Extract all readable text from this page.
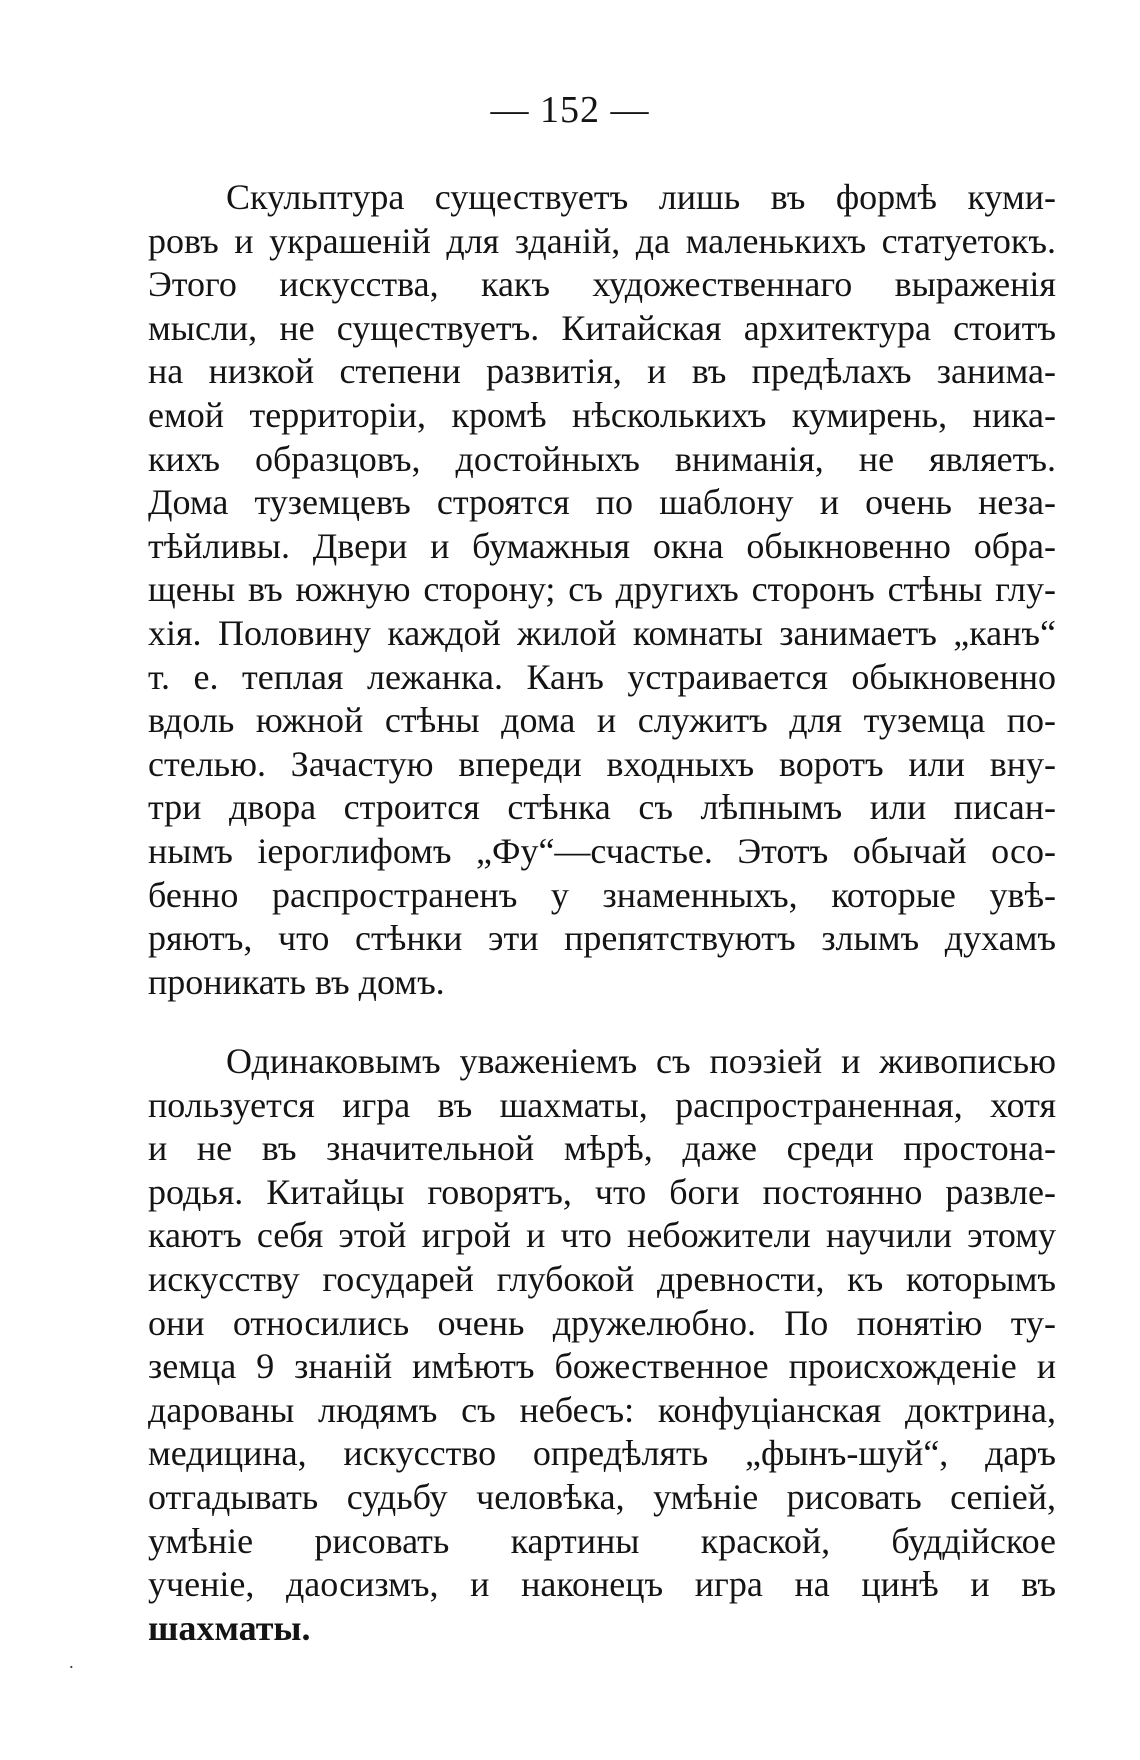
— 152 —
Скульптура существуетъ лишь въ формѣ куми-
ровъ и украшенiй для зданiй, да маленькихъ статуетокъ.
Этого искусства, какъ художественнаго выраженiя
мысли, не существуетъ. Китайская архитектура стоитъ
на низкой степени развитiя, и въ предѣлахъ занима-
емой территорiи, кромѣ нѣсколькихъ кумирень, ника-
кихъ образцовъ, достойныхъ вниманiя, не являетъ.
Дома туземцевъ строятся по шаблону и очень неза-
тѣйливы. Двери и бумажныя окна обыкновенно обра-
щены въ южную сторону; съ другихъ сторонъ стѣны глу-
хiя. Половину каждой жилой комнаты занимаетъ „канъ“
т. е. теплая лежанка. Канъ устраивается обыкновенно
вдоль южной стѣны дома и служитъ для туземца по-
стелью. Зачастую впереди входныхъ воротъ или вну-
три двора строится стѣнка съ лѣпнымъ или писан-
нымъ iероглифомъ „Фу“—счастье. Этотъ обычай осо-
бенно распространенъ у знаменныхъ, которые увѣ-
ряютъ, что стѣнки эти препятствуютъ злымъ духамъ
проникать въ домъ.
Одинаковымъ уваженiемъ съ поэзiей и живописью
пользуется игра въ шахматы, распространенная, хотя
и не въ значительной мѣрѣ, даже среди простона-
родья. Китайцы говорятъ, что боги постоянно развле-
каютъ себя этой игрой и что небожители научили этому
искусству государей глубокой древности, къ которымъ
они относились очень дружелюбно. По понятiю ту-
земца 9 знанiй имѣютъ божественное происхожденiе и
дарованы людямъ съ небесъ: конфуцiанская доктрина,
медицина, искусство опредѣлять „фынъ-шуй“, даръ
отгадывать судьбу человѣка, умѣнiе рисовать сепiей,
умѣнiе рисовать картины краской, буддiйское
ученiе, даосизмъ, и наконецъ игра на цинѣ и въ
шахматы.
˙
